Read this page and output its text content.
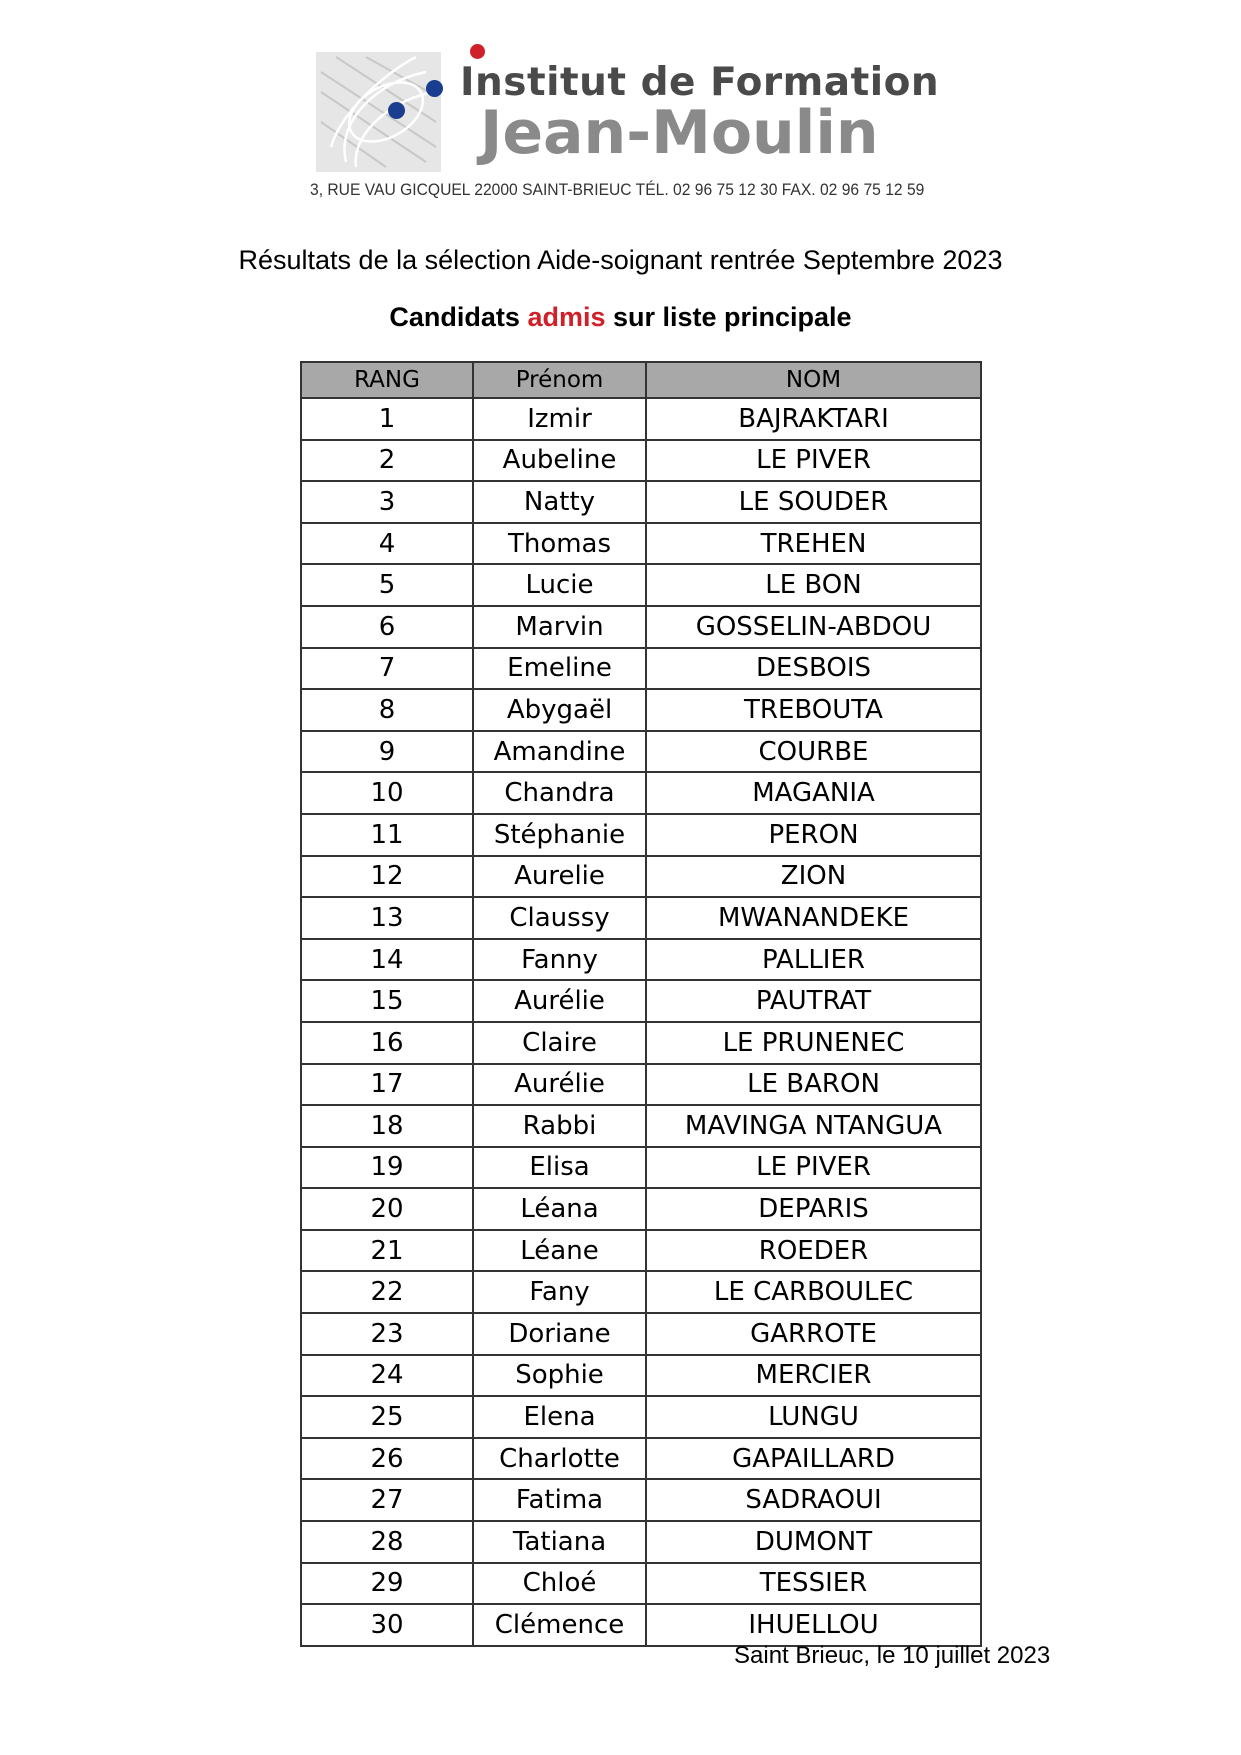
Institut de Formation
Jean-Moulin
3, RUE VAU GICQUEL 22000 SAINT-BRIEUC TÉL. 02 96 75 12 30 FAX. 02 96 75 12 59
Résultats de la sélection Aide-soignant rentrée Septembre 2023
Candidats admis sur liste principale
RANG	Prénom	NOM
1	Izmir	BAJRAKTARI
2	Aubeline	LE PIVER
3	Natty	LE SOUDER
4	Thomas	TREHEN
5	Lucie	LE BON
6	Marvin	GOSSELIN-ABDOU
7	Emeline	DESBOIS
8	Abygaël	TREBOUTA
9	Amandine	COURBE
10	Chandra	MAGANIA
11	Stéphanie	PERON
12	Aurelie	ZION
13	Claussy	MWANANDEKE
14	Fanny	PALLIER
15	Aurélie	PAUTRAT
16	Claire	LE PRUNENEC
17	Aurélie	LE BARON
18	Rabbi	MAVINGA NTANGUA
19	Elisa	LE PIVER
20	Léana	DEPARIS
21	Léane	ROEDER
22	Fany	LE CARBOULEC
23	Doriane	GARROTE
24	Sophie	MERCIER
25	Elena	LUNGU
26	Charlotte	GAPAILLARD
27	Fatima	SADRAOUI
28	Tatiana	DUMONT
29	Chloé	TESSIER
30	Clémence	IHUELLOU
Saint Brieuc, le 10 juillet 2023
